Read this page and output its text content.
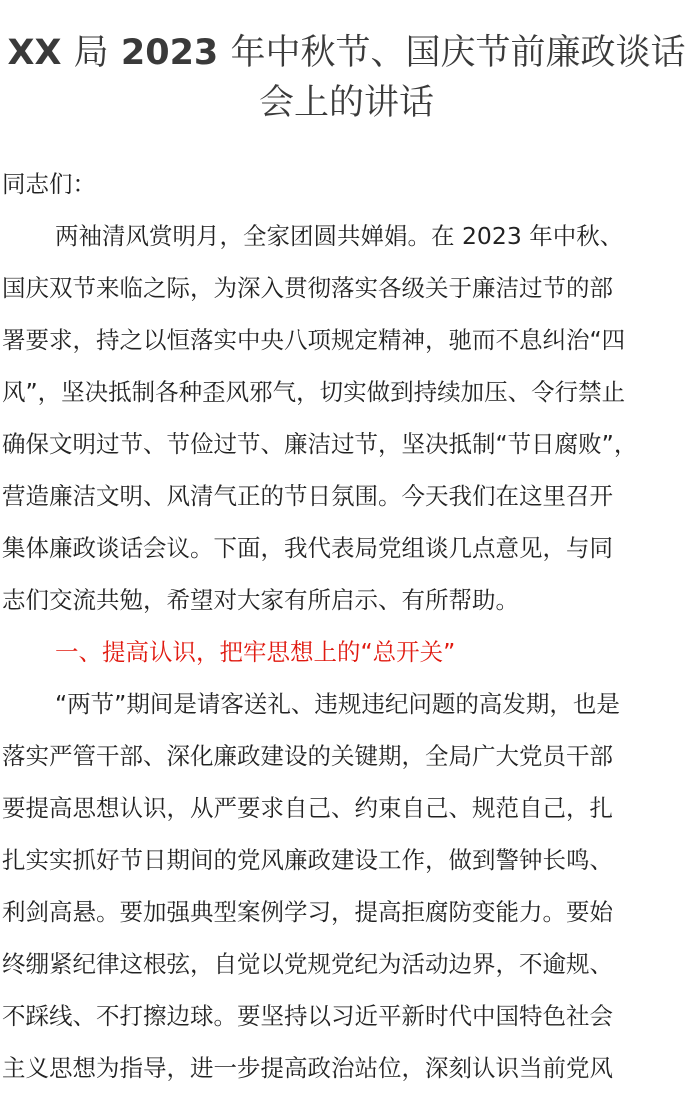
XX 局 2023 年中秋节、国庆节前廉政谈话
会上的讲话
同志们：
两袖清风赏明月，全家团圆共婵娟。在 2023 年中秋、
国庆双节来临之际，为深入贯彻落实各级关于廉洁过节的部
署要求，持之以恒落实中央八项规定精神，驰而不息纠治“四
风”，坚决抵制各种歪风邪气，切实做到持续加压、令行禁止
确保文明过节、节俭过节、廉洁过节，坚决抵制“节日腐败”，
营造廉洁文明、风清气正的节日氛围。今天我们在这里召开
集体廉政谈话会议。下面，我代表局党组谈几点意见，与同
志们交流共勉，希望对大家有所启示、有所帮助。
一、提高认识，把牢思想上的“总开关”
“两节”期间是请客送礼、违规违纪问题的高发期，也是
落实严管干部、深化廉政建设的关键期，全局广大党员干部
要提高思想认识，从严要求自己、约束自己、规范自己，扎
扎实实抓好节日期间的党风廉政建设工作，做到警钟长鸣、
利剑高悬。要加强典型案例学习，提高拒腐防变能力。要始
终绷紧纪律这根弦，自觉以党规党纪为活动边界，不逾规、
不踩线、不打擦边球。要坚持以习近平新时代中国特色社会
主义思想为指导，进一步提高政治站位，深刻认识当前党风
